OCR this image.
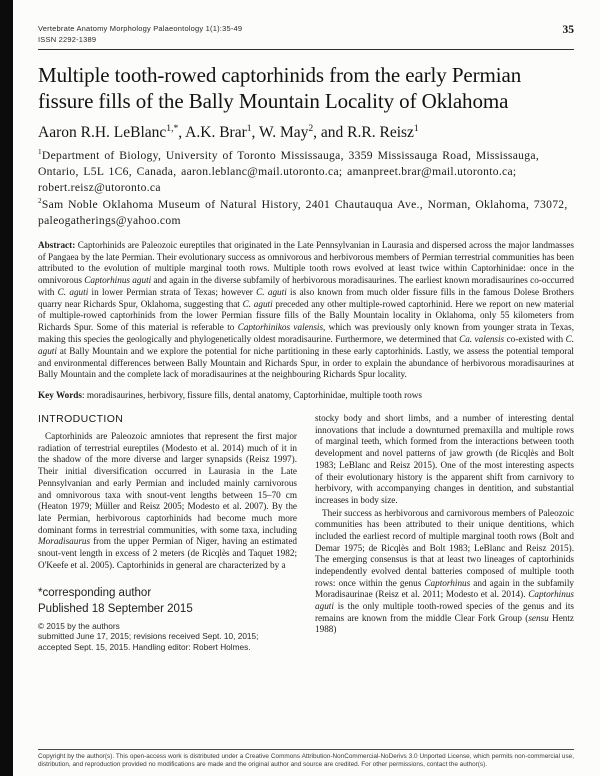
Vertebrate Anatomy Morphology Palaeontology 1(1):35-49
ISSN 2292-1389
35
Multiple tooth-rowed captorhinids from the early Permian fissure fills of the Bally Mountain Locality of Oklahoma
Aaron R.H. LeBlanc$^{1,*}$, A.K. Brar$^1$, W. May$^2$, and R.R. Reisz$^1$
$^1$Department of Biology, University of Toronto Mississauga, 3359 Mississauga Road, Mississauga, Ontario, L5L 1C6, Canada, aaron.leblanc@mail.utoronto.ca; amanpreet.brar@mail.utoronto.ca; robert.reisz@utoronto.ca
$^2$Sam Noble Oklahoma Museum of Natural History, 2401 Chautauqua Ave., Norman, Oklahoma, 73072, paleogatherings@yahoo.com

Abstract: Captorhinids are Paleozoic eureptiles that originated in the Late Pennsylvanian in Laurasia and dispersed across the major landmasses of Pangaea by the late Permian. Their evolutionary success as omnivorous and herbivorous members of Permian terrestrial communities has been attributed to the evolution of multiple marginal tooth rows. Multiple tooth rows evolved at least twice within Captorhinidae: once in the omnivorous Captorhinus aguti and again in the diverse subfamily of herbivorous moradisaurines. The earliest known moradisaurines co-occurred with C. aguti in lower Permian strata of Texas; however C. aguti is also known from much older fissure fills in the famous Dolese Brothers quarry near Richards Spur, Oklahoma, suggesting that C. aguti preceded any other multiple-rowed captorhinid. Here we report on new material of multiple-rowed captorhinids from the lower Permian fissure fills of the Bally Mountain locality in Oklahoma, only 55 kilometers from Richards Spur. Some of this material is referable to Captorhinikos valensis, which was previously only known from younger strata in Texas, making this species the geologically and phylogenetically oldest moradisaurine. Furthermore, we determined that Ca. valensis co-existed with C. aguti at Bally Mountain and we explore the potential for niche partitioning in these early captorhinids. Lastly, we assess the potential temporal and environmental differences between Bally Mountain and Richards Spur, in order to explain the abundance of herbivorous moradisaurines at Bally Mountain and the complete lack of moradisaurines at the neighbouring Richards Spur locality.

Key Words: moradisaurines, herbivory, fissure fills, dental anatomy, Captorhinidae, multiple tooth rows

INTRODUCTION

Captorhinids are Paleozoic amniotes that represent the first major radiation of terrestrial eureptiles (Modesto et al. 2014) much of it in the shadow of the more diverse and larger synapsids (Reisz 1997). Their initial diversification occurred in Laurasia in the Late Pennsylvanian and early Permian and included mainly carnivorous and omnivorous taxa with snout-vent lengths between 15–70 cm (Heaton 1979; Müller and Reisz 2005; Modesto et al. 2007). By the late Permian, herbivorous captorhinids had become much more dominant forms in terrestrial communities, with some taxa, including Moradisaurus from the upper Permian of Niger, having an estimated snout-vent length in excess of 2 meters (de Ricqlès and Taquet 1982; O'Keefe et al. 2005). Captorhinids in general are characterized by a

*corresponding author
Published 18 September 2015
© 2015 by the authors
submitted June 17, 2015; revisions received Sept. 10, 2015;
accepted Sept. 15, 2015. Handling editor: Robert Holmes.

stocky body and short limbs, and a number of interesting dental innovations that include a downturned premaxilla and multiple rows of marginal teeth, which formed from the interactions between tooth development and novel patterns of jaw growth (de Ricqlès and Bolt 1983; LeBlanc and Reisz 2015). One of the most interesting aspects of their evolutionary history is the apparent shift from carnivory to herbivory, with accompanying changes in dentition, and substantial increases in body size.

Their success as herbivorous and carnivorous members of Paleozoic communities has been attributed to their unique dentitions, which included the earliest record of multiple marginal tooth rows (Bolt and Demar 1975; de Ricqlès and Bolt 1983; LeBlanc and Reisz 2015). The emerging consensus is that at least two lineages of captorhinids independently evolved dental batteries composed of multiple tooth rows: once within the genus Captorhinus and again in the subfamily Moradisaurinae (Reisz et al. 2011; Modesto et al. 2014). Captorhinus aguti is the only multiple tooth-rowed species of the genus and its remains are known from the middle Clear Fork Group (sensu Hentz 1988)

Copyright by the author(s). This open-access work is distributed under a Creative Commons Attribution-NonCommercial-NoDerivs 3.0 Unported License, which permits non-commercial use, distribution, and reproduction provided no modifications are made and the original author and source are credited. For other permissions, contact the author(s).
